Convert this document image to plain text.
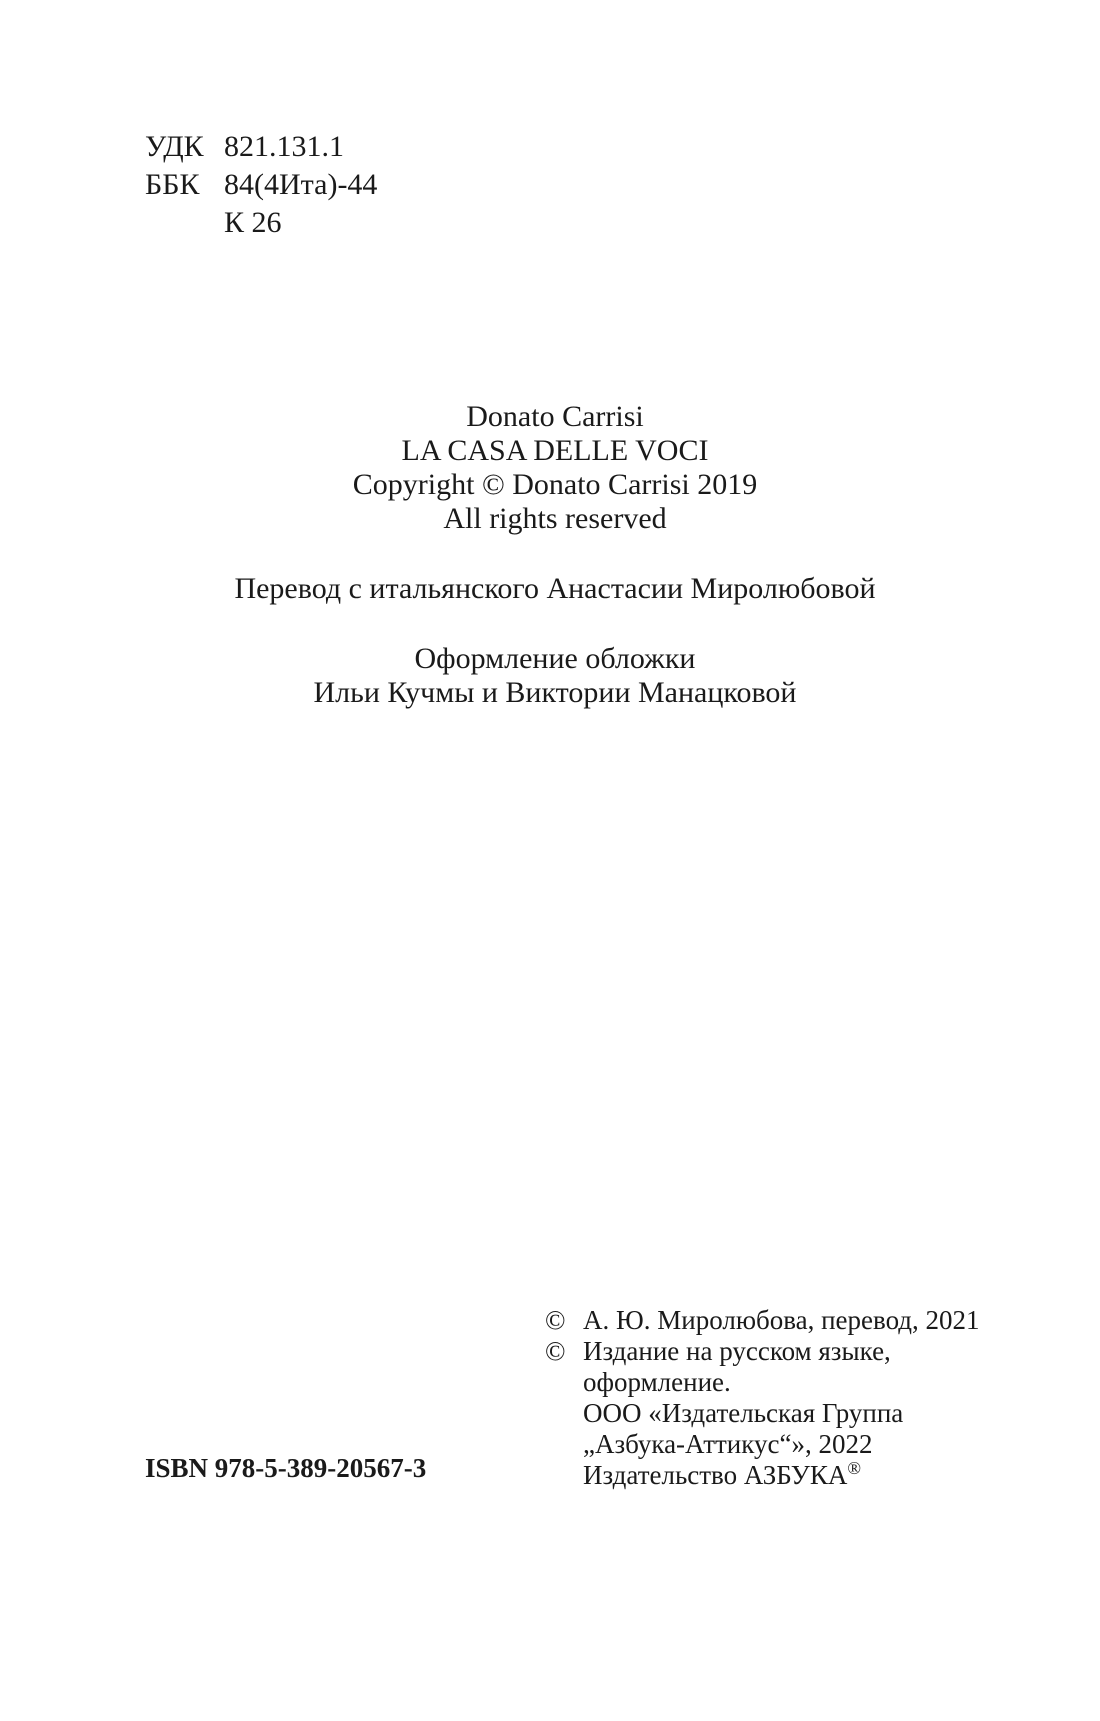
УДК 821.131.1
ББК 84(4Ита)-44
К 26
Donato Carrisi
LA CASA DELLE VOCI
Copyright © Donato Carrisi 2019
All rights reserved
Перевод с итальянского Анастасии Миролюбовой
Оформление обложки
Ильи Кучмы и Виктории Манацковой
© А. Ю. Миролюбова, перевод, 2021
© Издание на русском языке,
оформление.
ООО «Издательская Группа
„Азбука-Аттикус“», 2022
Издательство АЗБУКА®
ISBN 978-5-389-20567-3
